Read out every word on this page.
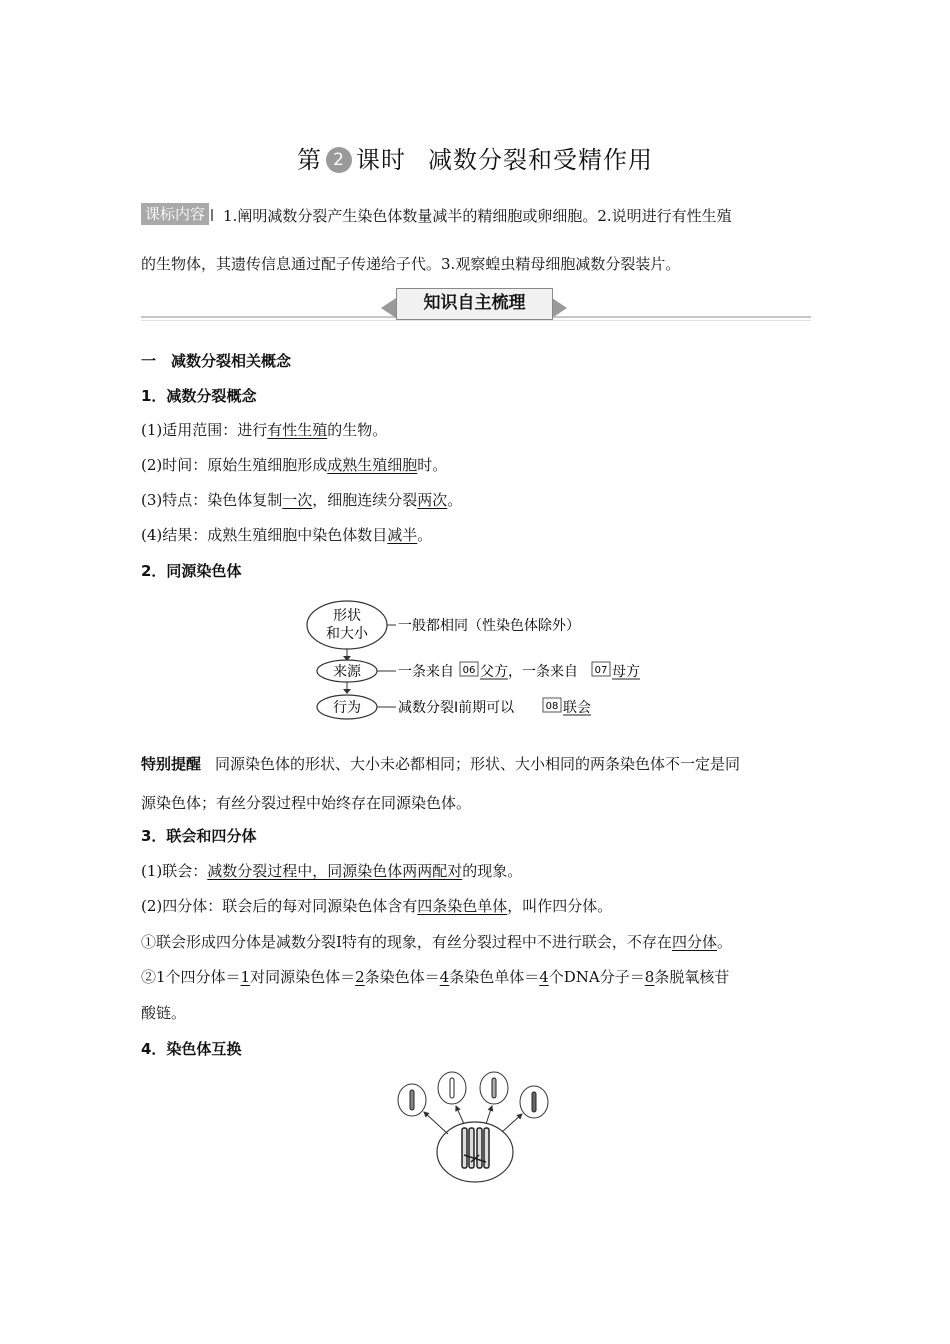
第 2 课时 减数分裂和受精作用
课标内容 1.阐明减数分裂产生染色体数量减半的精细胞或卵细胞。2.说明进行有性生殖
的生物体，其遗传信息通过配子传递给子代。3.观察蝗虫精母细胞减数分裂装片。
知识自主梳理
一　减数分裂相关概念
1．减数分裂概念
(1)适用范围：进行有性生殖的生物。
(2)时间：原始生殖细胞形成成熟生殖细胞时。
(3)特点：染色体复制一次，细胞连续分裂两次。
(4)结果：成熟生殖细胞中染色体数目减半。
2．同源染色体
形状
和大小 一般都相同（性染色体除外）
来源	一条来自 06 父方 ，一条来自 07 母方
行为	减数分裂Ⅰ前期可以	08 联会
特别提醒 同源染色体的形状、大小未必都相同；形状、大小相同的两条染色体不一定是同
源染色体；有丝分裂过程中始终存在同源染色体。
3．联会和四分体
(1)联会：减数分裂过程中，同源染色体两两配对的现象。
(2)四分体：联会后的每对同源染色体含有四条染色单体，叫作四分体。
①联会形成四分体是减数分裂Ⅰ特有的现象，有丝分裂过程中不进行联会，不存在四分体。
②1个四分体＝1对同源染色体＝2条染色体＝4条染色单体＝4个DNA分子＝8条脱氧核苷
酸链。
4．染色体互换
